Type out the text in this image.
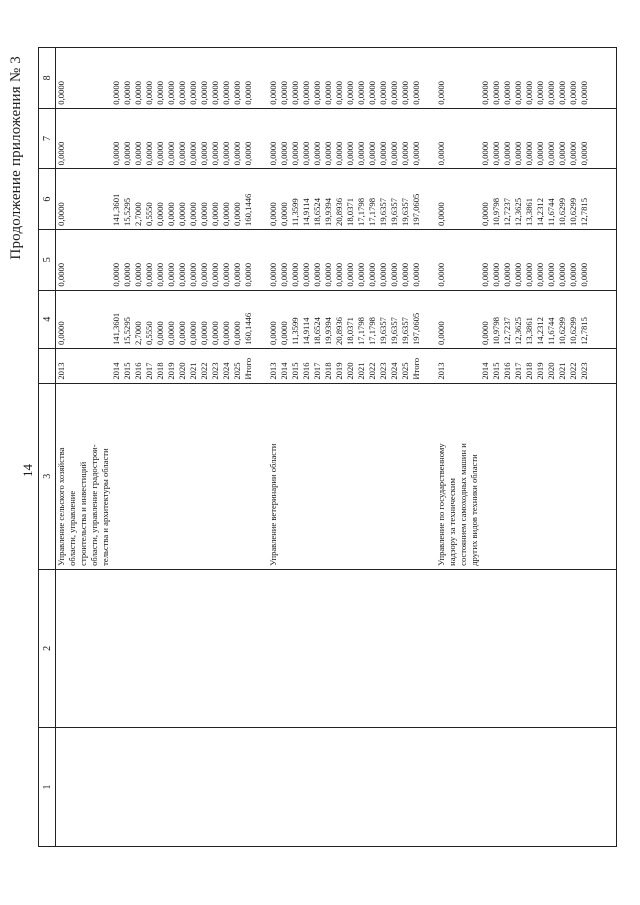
Продолжение приложения № 3
14
1	2	3		4	5	6	7	8

		Управление сельского хозяйства области, управление строительства и инвестиций области, управление градострои- тельства и архитектуры области	2013	0,0000	0,0000	0,0000	0,0000	0,0000
			2014	141,3601	0,0000	141,3601	0,0000	0,0000
			2015	15,5295	0,0000	15,5295	0,0000	0,0000
			2016	2,7000	0,0000	2,7000	0,0000	0,0000
			2017	0,5550	0,0000	0,5550	0,0000	0,0000
			2018	0,0000	0,0000	0,0000	0,0000	0,0000
			2019	0,0000	0,0000	0,0000	0,0000	0,0000
			2020	0,0000	0,0000	0,0000	0,0000	0,0000
			2021	0,0000	0,0000	0,0000	0,0000	0,0000
			2022	0,0000	0,0000	0,0000	0,0000	0,0000
			2023	0,0000	0,0000	0,0000	0,0000	0,0000
			2024	0,0000	0,0000	0,0000	0,0000	0,0000
			2025	0,0000	0,0000	0,0000	0,0000	0,0000
			Итого	160,1446	0,0000	160,1446	0,0000	0,0000

		Управление ветеринарии области	2013	0,0000	0,0000	0,0000	0,0000	0,0000
			2014	0,0000	0,0000	0,0000	0,0000	0,0000
			2015	11,3599	0,0000	11,3599	0,0000	0,0000
			2016	14,9114	0,0000	14,9114	0,0000	0,0000
			2017	18,6524	0,0000	18,6524	0,0000	0,0000
			2018	19,9394	0,0000	19,9394	0,0000	0,0000
			2019	20,8936	0,0000	20,8936	0,0000	0,0000
			2020	18,0371	0,0000	18,0371	0,0000	0,0000
			2021	17,1798	0,0000	17,1798	0,0000	0,0000
			2022	17,1798	0,0000	17,1798	0,0000	0,0000
			2023	19,6357	0,0000	19,6357	0,0000	0,0000
			2024	19,6357	0,0000	19,6357	0,0000	0,0000
			2025	19,6357	0,0000	19,6357	0,0000	0,0000
			Итого	197,0605	0,0000	197,0605	0,0000	0,0000

		Управление по государственному надзору за техническим состоянием самоходных машин и других видов техники области	2013	0,0000	0,0000	0,0000	0,0000	0,0000
			2014	0,0000	0,0000	0,0000	0,0000	0,0000
			2015	10,9798	0,0000	10,9798	0,0000	0,0000
			2016	12,7237	0,0000	12,7237	0,0000	0,0000
			2017	12,3625	0,0000	12,3625	0,0000	0,0000
			2018	13,3861	0,0000	13,3861	0,0000	0,0000
			2019	14,2312	0,0000	14,2312	0,0000	0,0000
			2020	11,6744	0,0000	11,6744	0,0000	0,0000
			2021	10,6299	0,0000	10,6299	0,0000	0,0000
			2022	10,6299	0,0000	10,6299	0,0000	0,0000
			2023	12,7815	0,0000	12,7815	0,0000	0,0000
